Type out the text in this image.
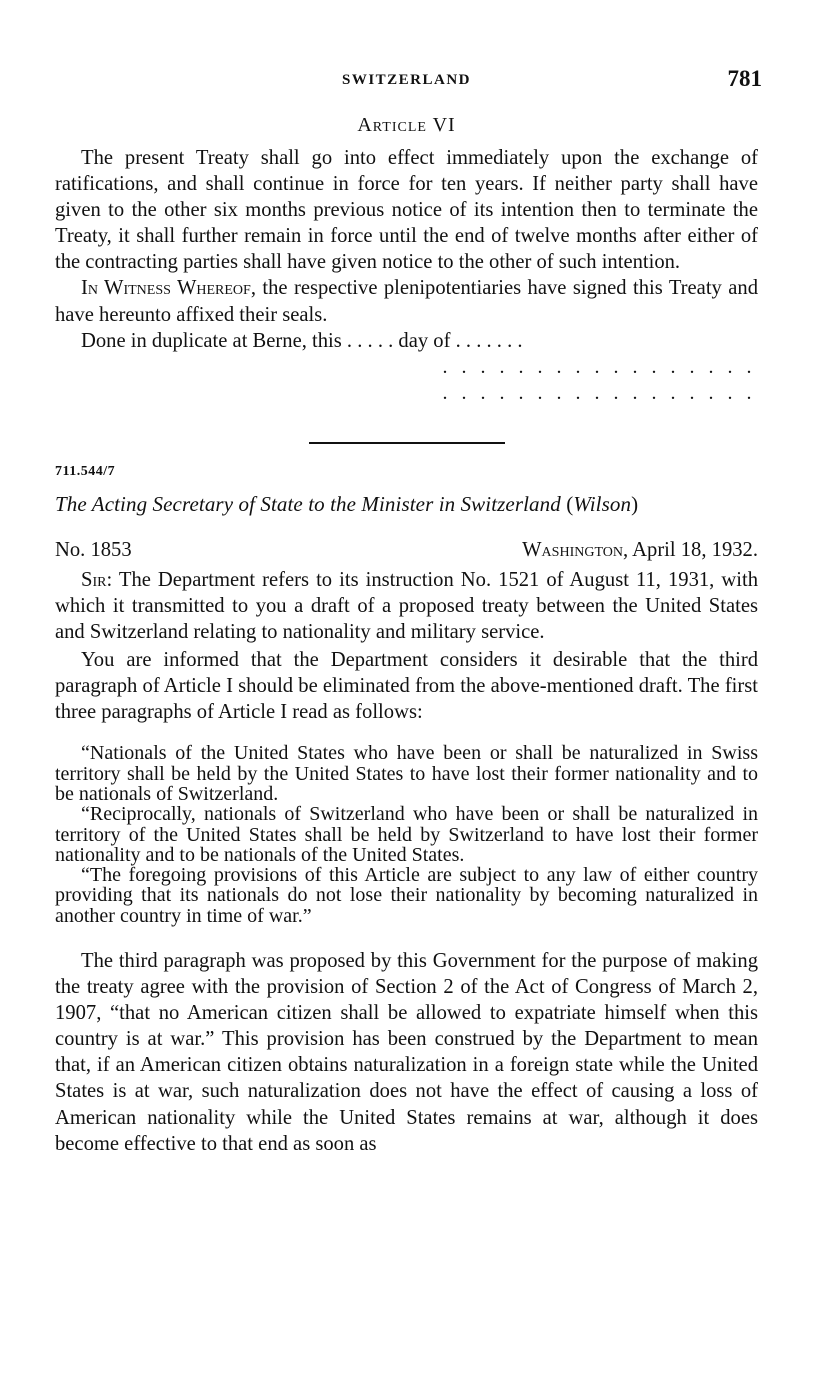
SWITZERLAND	781
Article VI

The present Treaty shall go into effect immediately upon the exchange of ratifications, and shall continue in force for ten years. If neither party shall have given to the other six months previous notice of its intention then to terminate the Treaty, it shall further remain in force until the end of twelve months after either of the contracting parties shall have given notice to the other of such intention.

In Witness Whereof, the respective plenipotentiaries have signed this Treaty and have hereunto affixed their seals.

Done in duplicate at Berne, this . . . . . day of . . . . . . .

. . . . . . . . . . . . . . . . .
. . . . . . . . . . . . . . . . .
711.544/7
The Acting Secretary of State to the Minister in Switzerland (Wilson)
No. 1853	Washington, April 18, 1932.

Sir: The Department refers to its instruction No. 1521 of August 11, 1931, with which it transmitted to you a draft of a proposed treaty between the United States and Switzerland relating to nationality and military service.

You are informed that the Department considers it desirable that the third paragraph of Article I should be eliminated from the above-mentioned draft. The first three paragraphs of Article I read as follows:

“Nationals of the United States who have been or shall be naturalized in Swiss territory shall be held by the United States to have lost their former nationality and to be nationals of Switzerland.

“Reciprocally, nationals of Switzerland who have been or shall be naturalized in territory of the United States shall be held by Switzerland to have lost their former nationality and to be nationals of the United States.

“The foregoing provisions of this Article are subject to any law of either country providing that its nationals do not lose their nationality by becoming naturalized in another country in time of war.”

The third paragraph was proposed by this Government for the purpose of making the treaty agree with the provision of Section 2 of the Act of Congress of March 2, 1907, “that no American citizen shall be allowed to expatriate himself when this country is at war.” This provision has been construed by the Department to mean that, if an American citizen obtains naturalization in a foreign state while the United States is at war, such naturalization does not have the effect of causing a loss of American nationality while the United States remains at war, although it does become effective to that end as soon as
